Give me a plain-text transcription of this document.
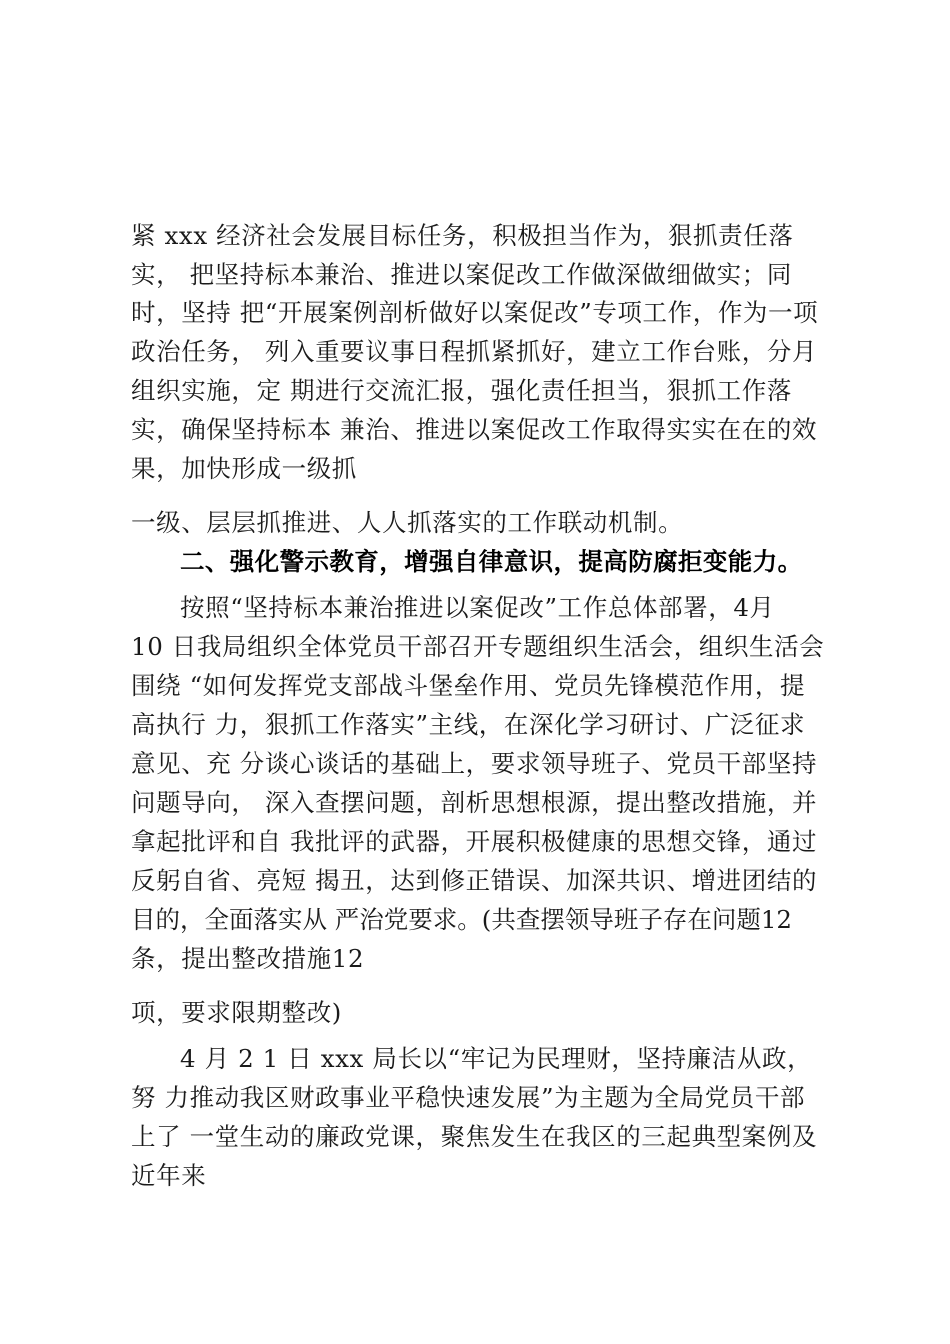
紧 xxx 经济社会发展目标任务，积极担当作为，狠抓责任落
实， 把坚持标本兼治、推进以案促改工作做深做细做实；同
时，坚持 把“开展案例剖析做好以案促改”专项工作，作为一项
政治任务， 列入重要议事日程抓紧抓好，建立工作台账，分月
组织实施，定 期进行交流汇报，强化责任担当，狠抓工作落
实，确保坚持标本 兼治、推进以案促改工作取得实实在在的效
果，加快形成一级抓
一级、层层抓推进、人人抓落实的工作联动机制。
二、强化警示教育，增强自律意识，提高防腐拒变能力。
按照“坚持标本兼治推进以案促改”工作总体部署，4月
10 日我局组织全体党员干部召开专题组织生活会，组织生活会
围绕 “如何发挥党支部战斗堡垒作用、党员先锋模范作用，提
高执行 力，狠抓工作落实”主线，在深化学习研讨、广泛征求
意见、充 分谈心谈话的基础上，要求领导班子、党员干部坚持
问题导向， 深入查摆问题，剖析思想根源，提出整改措施，并
拿起批评和自 我批评的武器，开展积极健康的思想交锋，通过
反躬自省、亮短 揭丑，达到修正错误、加深共识、增进团结的
目的，全面落实从 严治党要求。(共查摆领导班子存在问题12
条，提出整改措施12
项，要求限期整改)
4 月 2 1 日 xxx 局长以“牢记为民理财，坚持廉洁从政，
努 力推动我区财政事业平稳快速发展”为主题为全局党员干部
上了 一堂生动的廉政党课，聚焦发生在我区的三起典型案例及
近年来
